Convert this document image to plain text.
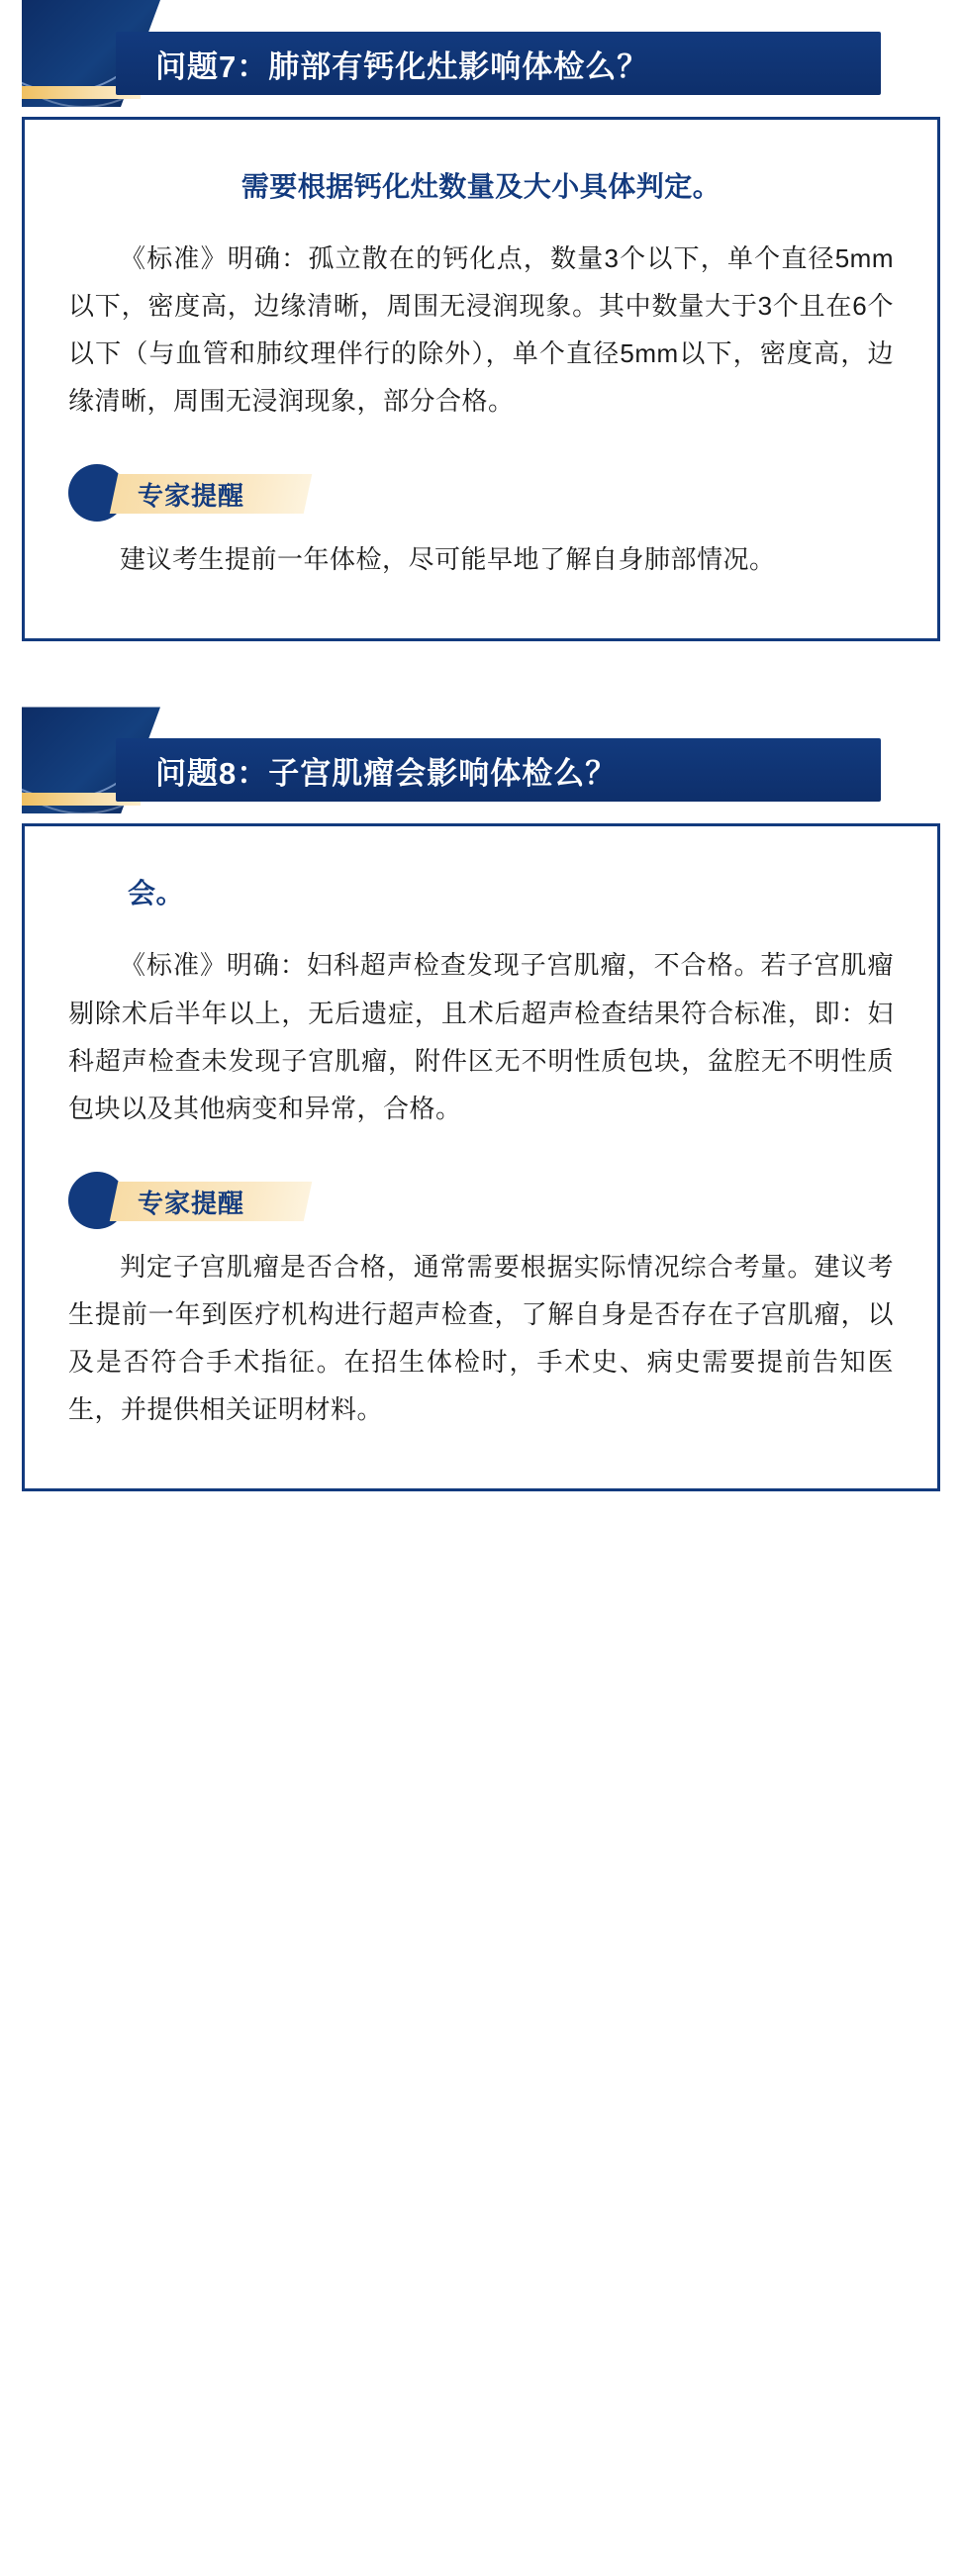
问题7：肺部有钙化灶影响体检么？
需要根据钙化灶数量及大小具体判定。

《标准》明确：孤立散在的钙化点，数量3个以下，单个直径5mm以下，密度高，边缘清晰，周围无浸润现象。其中数量大于3个且在6个以下（与血管和肺纹理伴行的除外），单个直径5mm以下，密度高，边缘清晰，周围无浸润现象，部分合格。

专家提醒

建议考生提前一年体检，尽可能早地了解自身肺部情况。

问题8：子宫肌瘤会影响体检么？
会。

《标准》明确：妇科超声检查发现子宫肌瘤，不合格。若子宫肌瘤剔除术后半年以上，无后遗症，且术后超声检查结果符合标准，即：妇科超声检查未发现子宫肌瘤，附件区无不明性质包块，盆腔无不明性质包块以及其他病变和异常，合格。

专家提醒

判定子宫肌瘤是否合格，通常需要根据实际情况综合考量。建议考生提前一年到医疗机构进行超声检查，了解自身是否存在子宫肌瘤，以及是否符合手术指征。在招生体检时，手术史、病史需要提前告知医生，并提供相关证明材料。
